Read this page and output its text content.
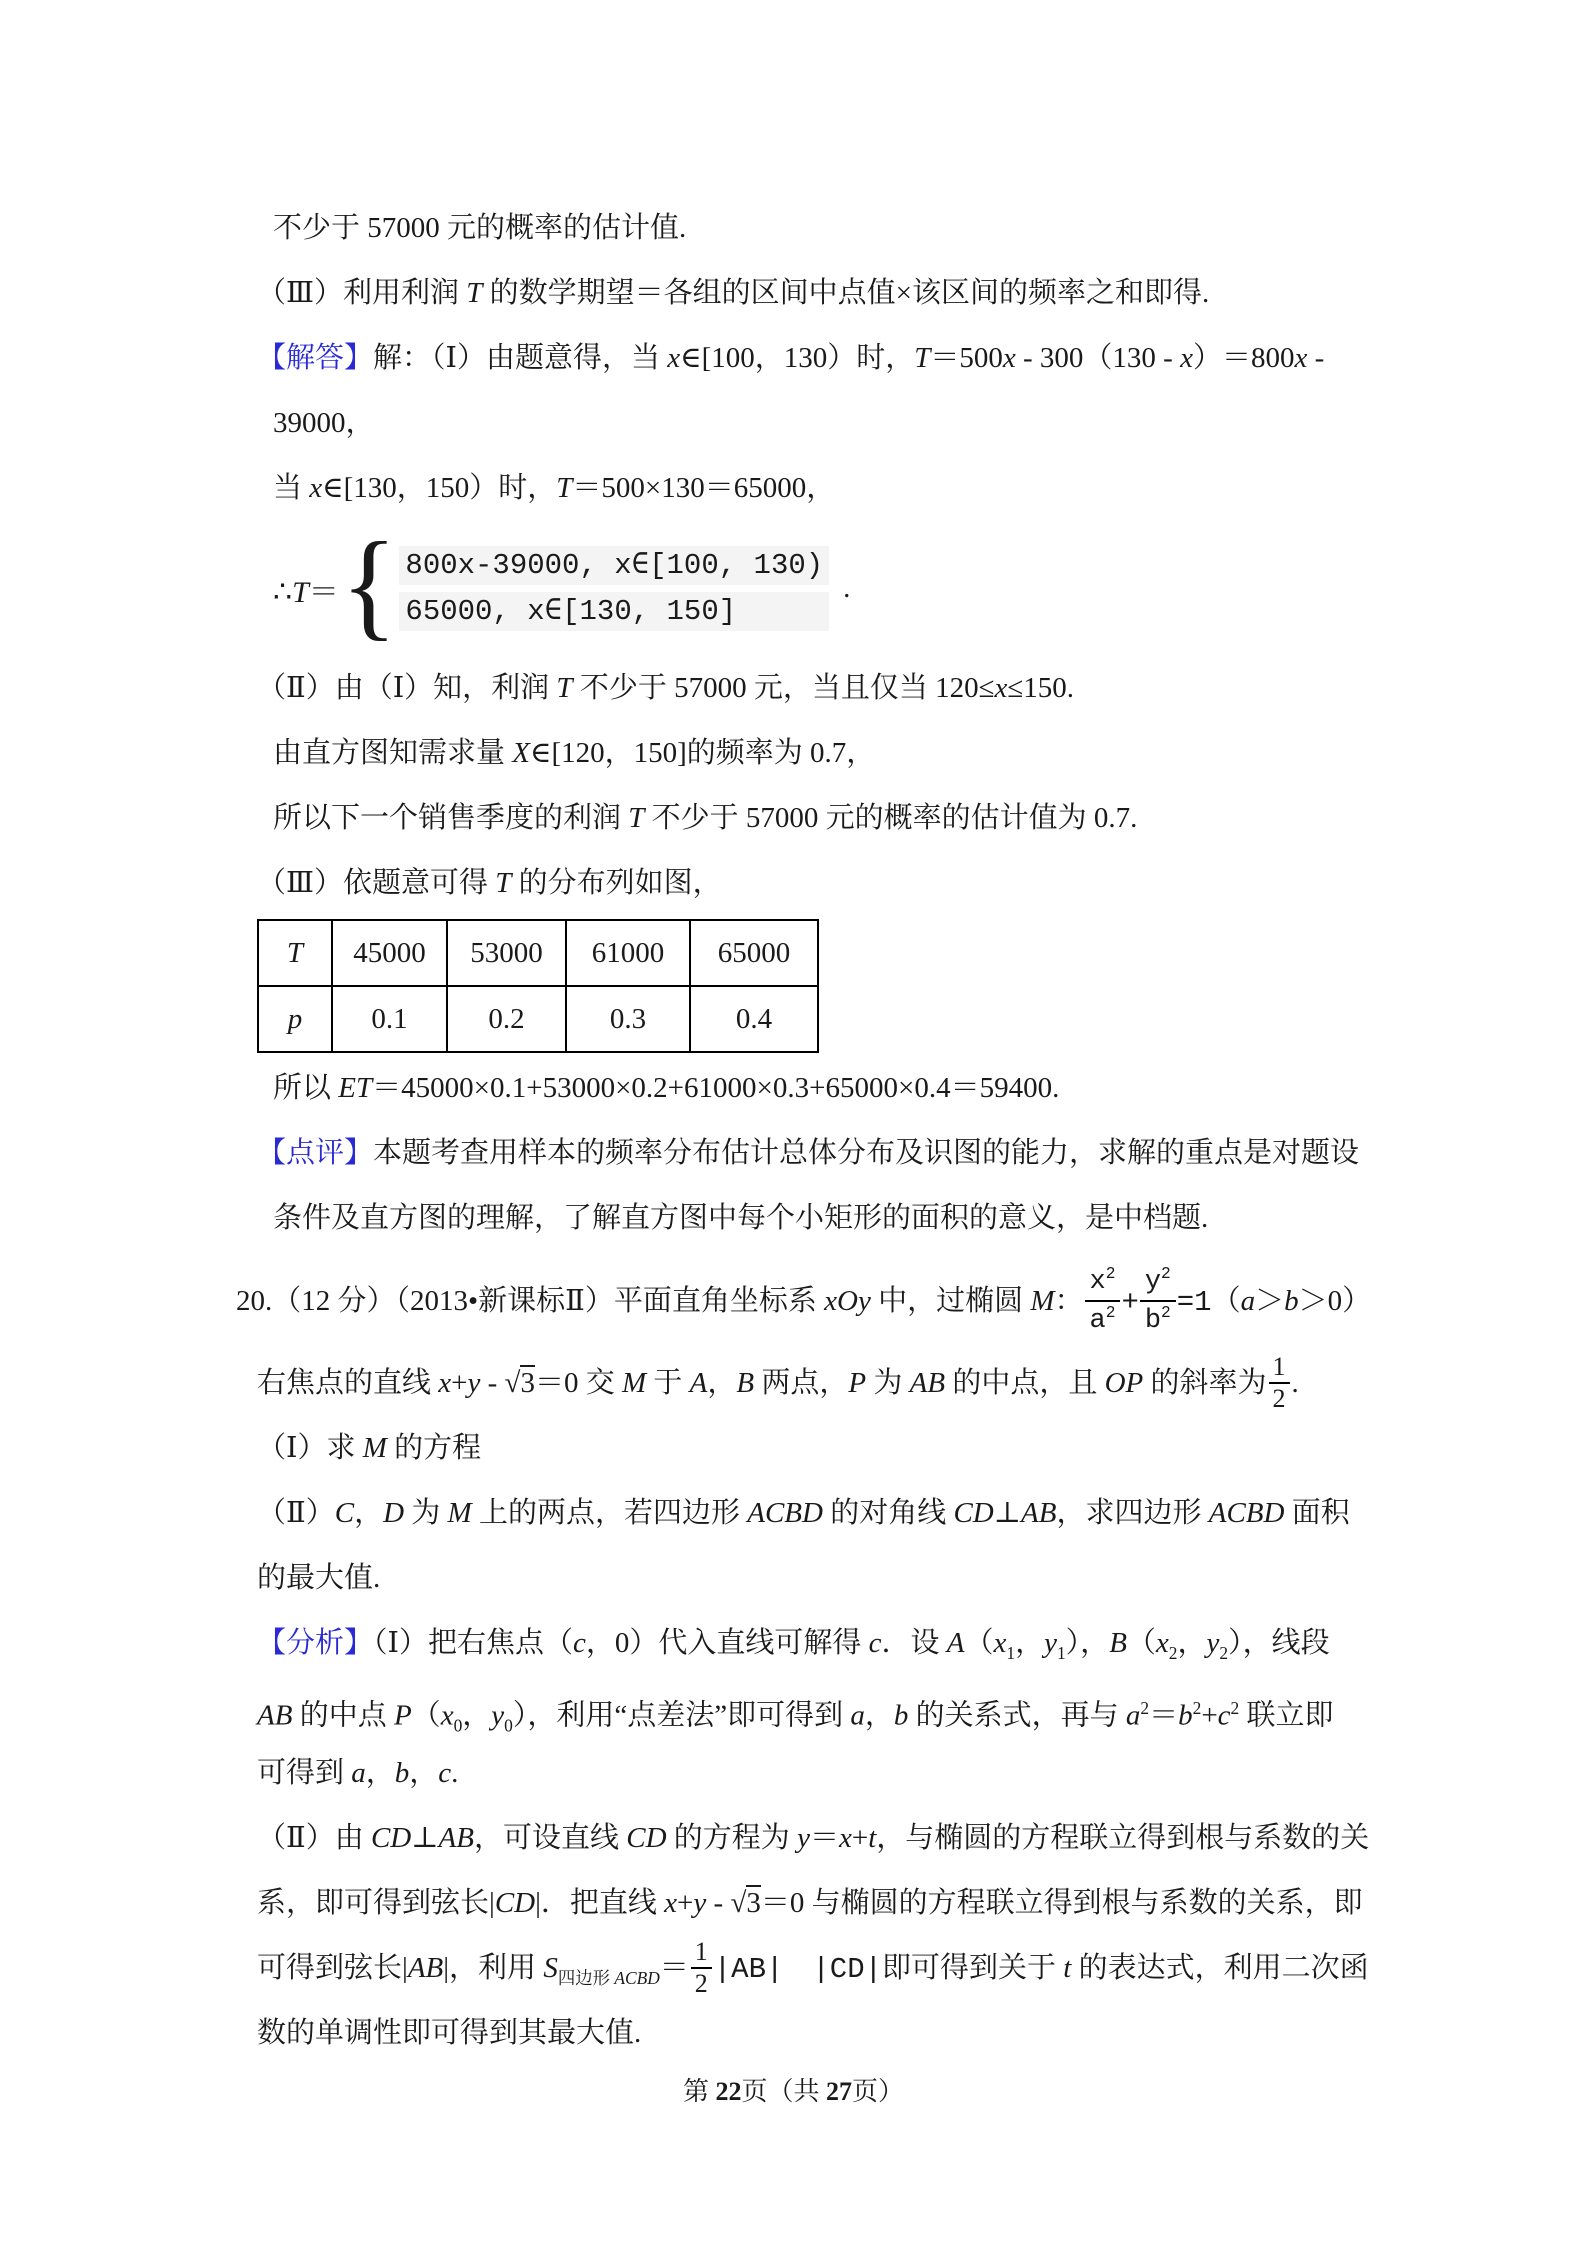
不少于 57000 元的概率的估计值.
（Ⅲ）利用利润 T 的数学期望＝各组的区间中点值×该区间的频率之和即得.
【解答】解：（Ⅰ）由题意得，当 x∈[100，130）时，T＝500x - 300（130 - x）＝800x -
39000，
当 x∈[130，150）时，T＝500×130＝65000，
∴T＝ { 800x-39000, x∈[100, 130)
65000, x∈[130, 150]
.
（Ⅱ）由（Ⅰ）知，利润 T 不少于 57000 元，当且仅当 120≤x≤150.
由直方图知需求量 X∈[120，150]的频率为 0.7，
所以下一个销售季度的利润 T 不少于 57000 元的概率的估计值为 0.7.
（Ⅲ）依题意可得 T 的分布列如图，
T	45000	53000	61000	65000
p	0.1	0.2	0.3	0.4
所以 ET＝45000×0.1+53000×0.2+61000×0.3+65000×0.4＝59400.
【点评】本题考查用样本的频率分布估计总体分布及识图的能力，求解的重点是对题设
条件及直方图的理解，了解直方图中每个小矩形的面积的意义，是中档题.
20.（12 分）（2013•新课标Ⅱ）平面直角坐标系 xOy 中，过椭圆 M： $\frac{x^2}{a^2} + \frac{y^2}{b^2} =1(a>b>0)$
右焦点的直线 x+y - √3＝0 交 M 于 A，B 两点，P 为 AB 的中点，且 OP 的斜率为 $\frac{1}{2}$ .
（Ⅰ）求 M 的方程
（Ⅱ）C，D 为 M 上的两点，若四边形 ACBD 的对角线 CD⊥AB，求四边形 ACBD 面积
的最大值.
【分析】（Ⅰ）把右焦点（c，0）代入直线可解得 c．设 $A(x_1$，$y_1$），$B(x_2$，$y_2$），线段
AB 的中点 $P(x_0$，$y_0$），利用“点差法”即可得到 a，b 的关系式，再与 $a^2=b^2+c^2$ 联立即
可得到 a，b，c.
（Ⅱ）由 CD⊥AB，可设直线 CD 的方程为 y＝x+t，与椭圆的方程联立得到根与系数的关
系，即可得到弦长|CD|．把直线 x+y - √3＝0 与椭圆的方程联立得到根与系数的关系，即
可得到弦长|AB|，利用 $S_{四边形 ACBD}= \frac{1}{2} |AB|$　 |CD|即可得到关于 t 的表达式，利用二次函
数的单调性即可得到其最大值.
第 22页（共 27页）
